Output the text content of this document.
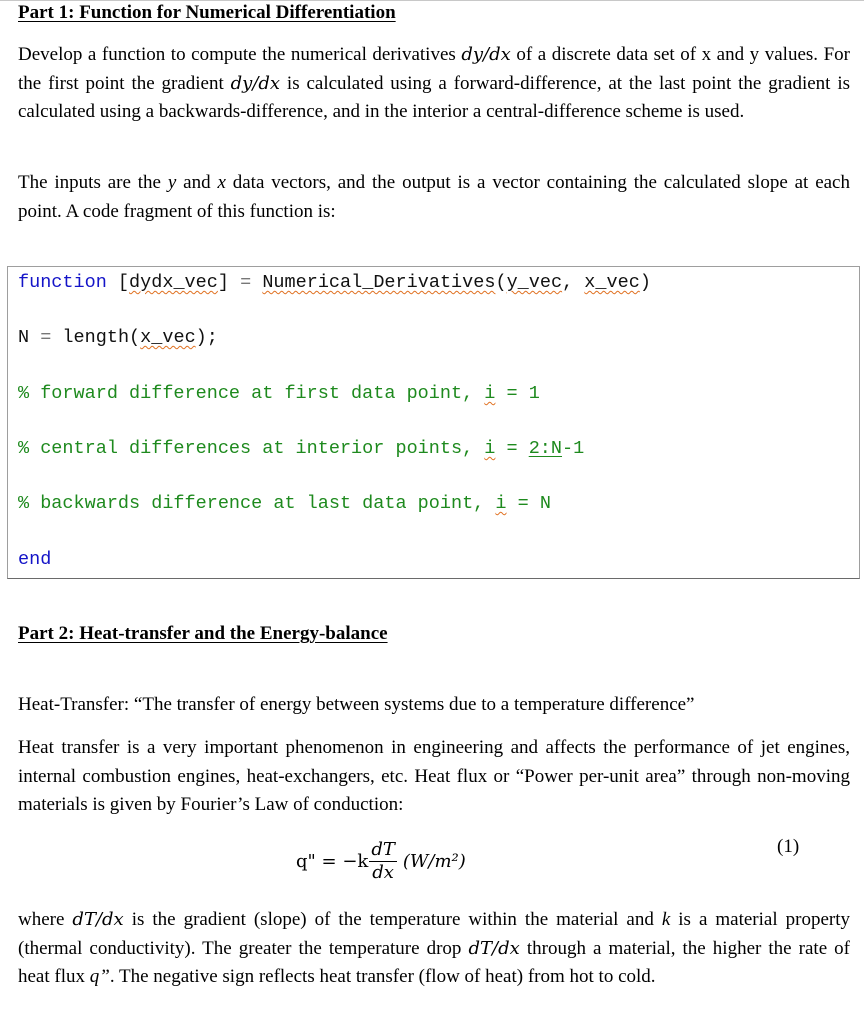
Part 1: Function for Numerical Differentiation

Develop a function to compute the numerical derivatives dy/dx of a discrete data set of x and y values. For the first point the gradient dy/dx is calculated using a forward-difference, at the last point the gradient is calculated using a backwards-difference, and in the interior a central-difference scheme is used.

The inputs are the y and x data vectors, and the output is a vector containing the calculated slope at each point. A code fragment of this function is:

function [dydx_vec] = Numerical_Derivatives(y_vec, x_vec)
N = length(x_vec);
% forward difference at first data point, i = 1
% central differences at interior points, i = 2:N-1
% backwards difference at last data point, i = N
end
Part 2: Heat-transfer and the Energy-balance

Heat-Transfer: “The transfer of energy between systems due to a temperature difference”

Heat transfer is a very important phenomenon in engineering and affects the performance of jet engines, internal combustion engines, heat-exchangers, etc. Heat flux or “Power per-unit area” through non-moving materials is given by Fourier’s Law of conduction:

q" = $-k \frac{dT}{dx} (W/m^2)$
(1)

where dT/dx is the gradient (slope) of the temperature within the material and k is a material property (thermal conductivity). The greater the temperature drop dT/dx through a material, the higher the rate of heat flux q”. The negative sign reflects heat transfer (flow of heat) from hot to cold.
